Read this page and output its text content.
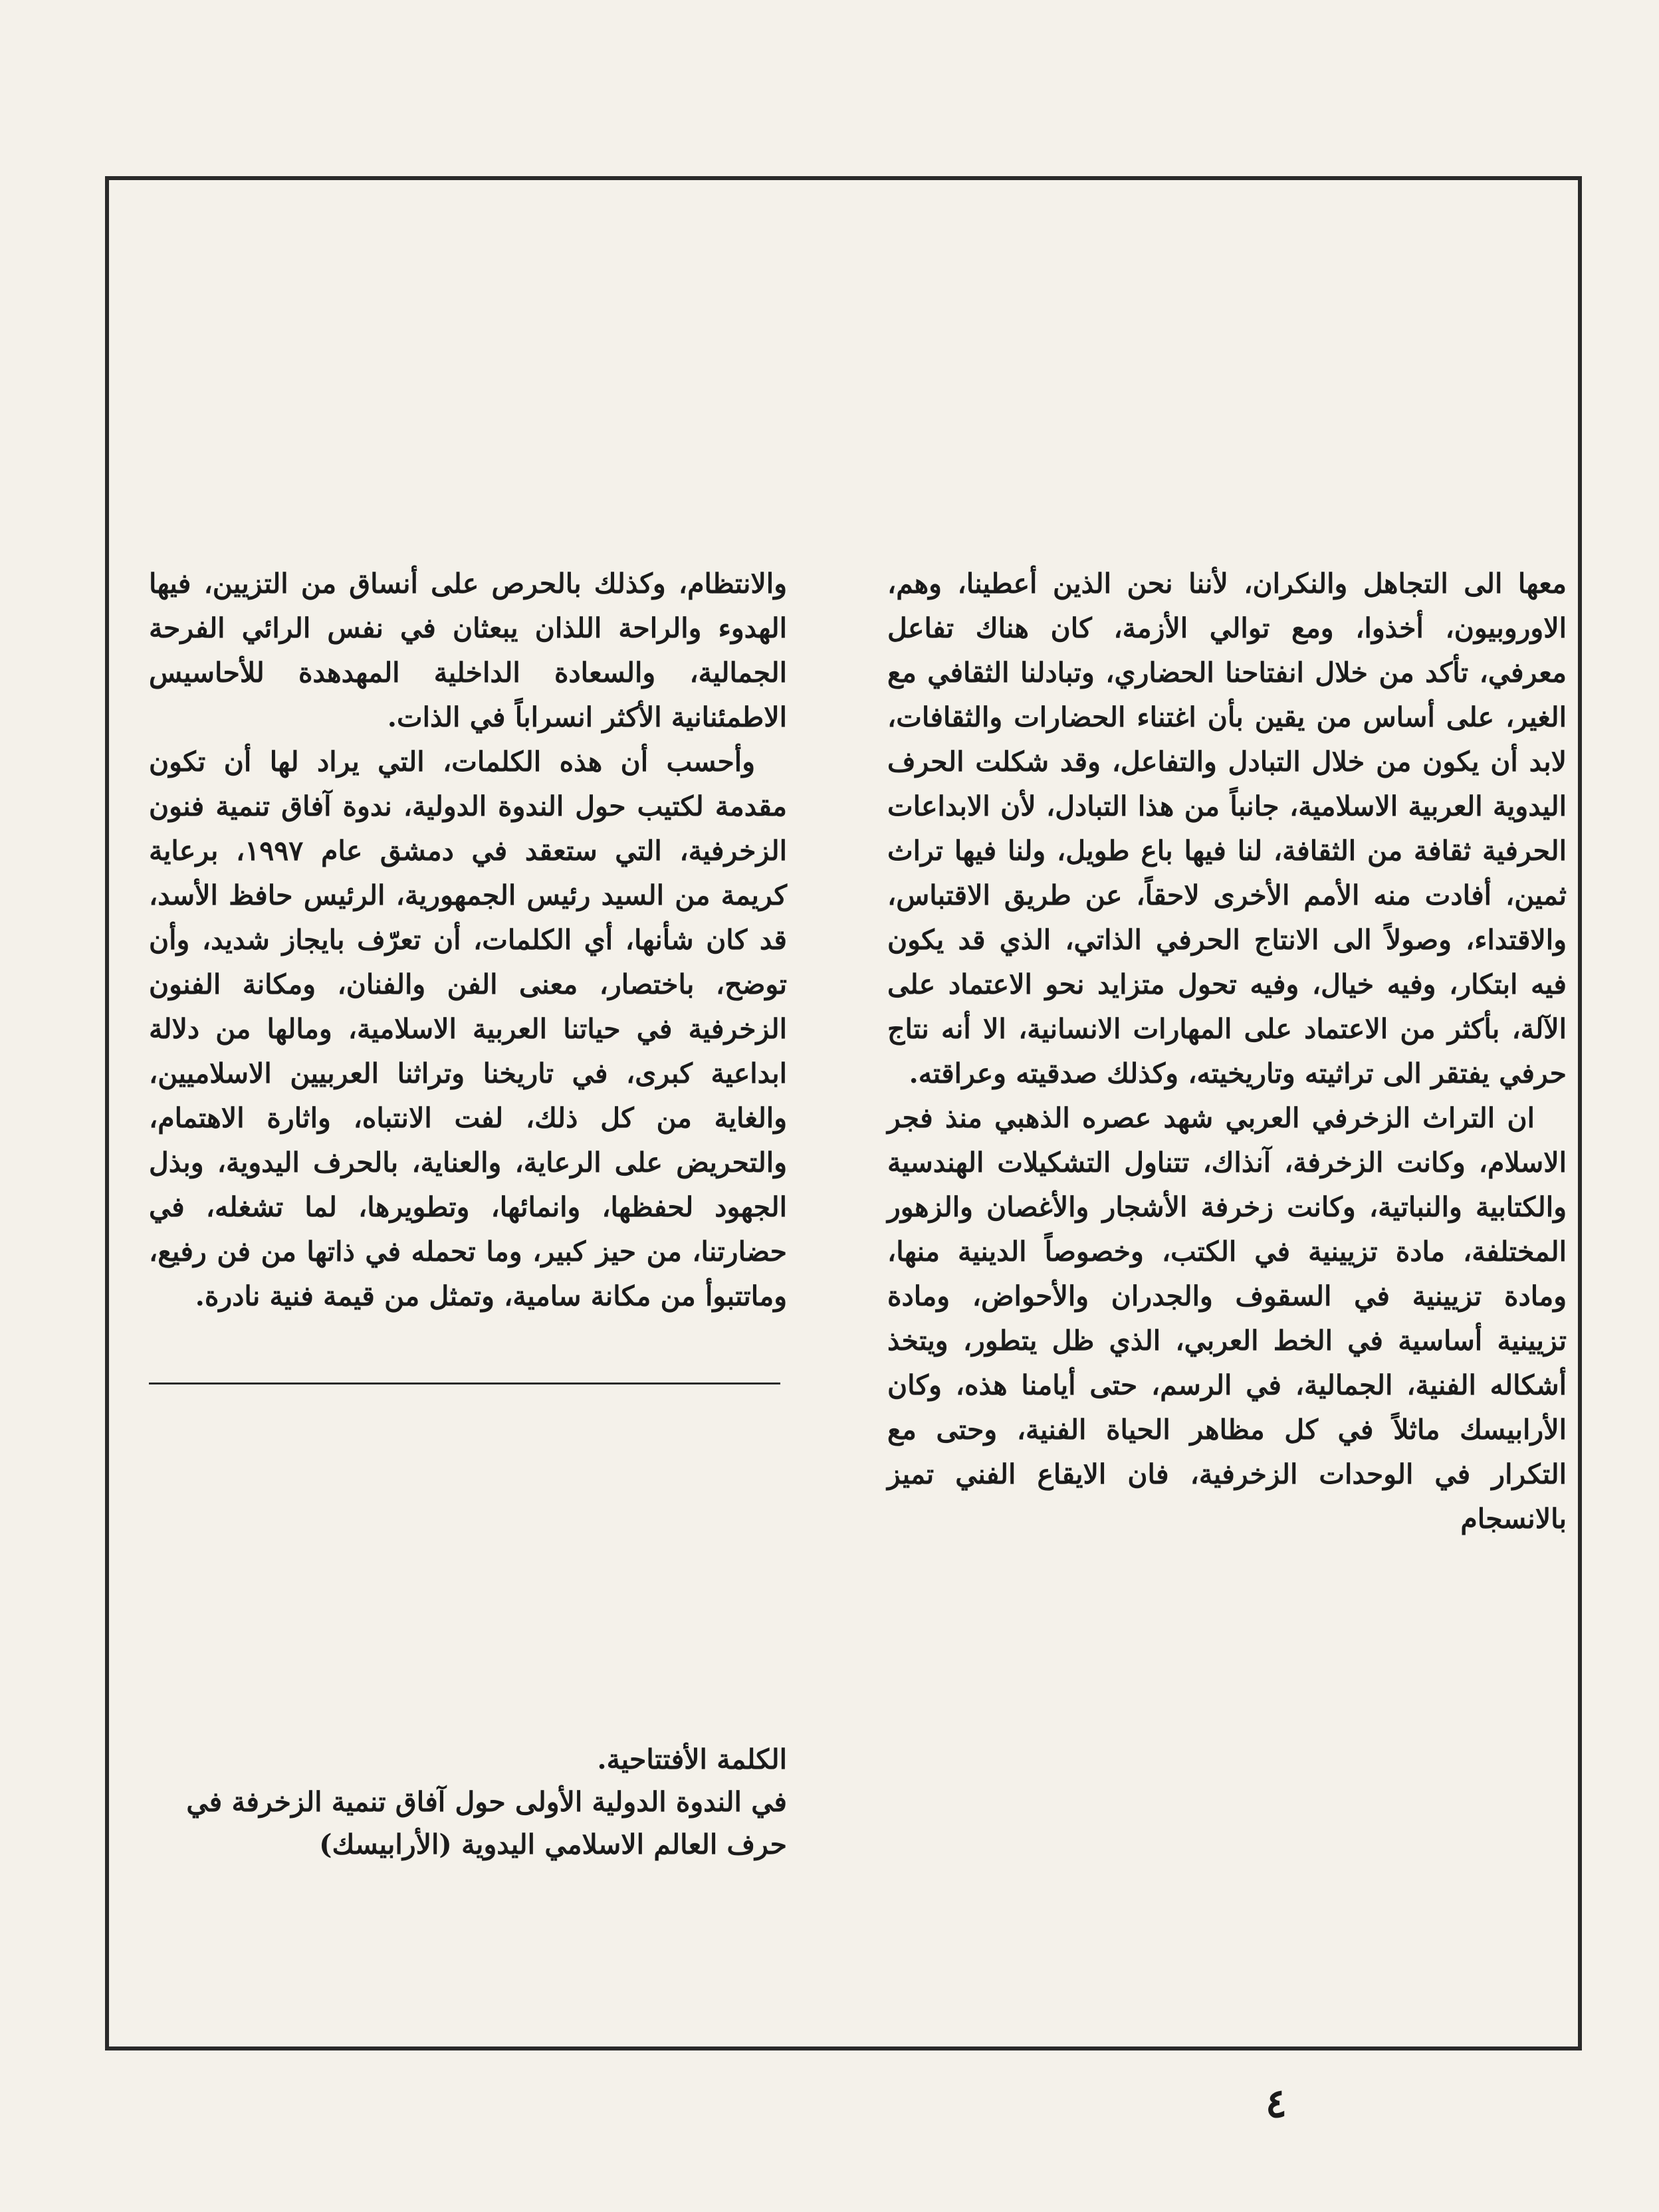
معها الى التجاهل والنكران، لأننا نحن الذين أعطينا، وهم، الاوروبيون، أخذوا، ومع توالي الأزمة، كان هناك تفاعل معرفي، تأكد من خلال انفتاحنا الحضاري، وتبادلنا الثقافي مع الغير، على أساس من يقين بأن اغتناء الحضارات والثقافات، لابد أن يكون من خلال التبادل والتفاعل، وقد شكلت الحرف اليدوية العربية الاسلامية، جانباً من هذا التبادل، لأن الابداعات الحرفية ثقافة من الثقافة، لنا فيها باع طويل، ولنا فيها تراث ثمين، أفادت منه الأمم الأخرى لاحقاً، عن طريق الاقتباس، والاقتداء، وصولاً الى الانتاج الحرفي الذاتي، الذي قد يكون فيه ابتكار، وفيه خيال، وفيه تحول متزايد نحو الاعتماد على الآلة، بأكثر من الاعتماد على المهارات الانسانية، الا أنه نتاج حرفي يفتقر الى تراثيته وتاريخيته، وكذلك صدقيته وعراقته.

ان التراث الزخرفي العربي شهد عصره الذهبي منذ فجر الاسلام، وكانت الزخرفة، آنذاك، تتناول التشكيلات الهندسية والكتابية والنباتية، وكانت زخرفة الأشجار والأغصان والزهور المختلفة، مادة تزيينية في الكتب، وخصوصاً الدينية منها، ومادة تزيينية في السقوف والجدران والأحواض، ومادة تزيينية أساسية في الخط العربي، الذي ظل يتطور، ويتخذ أشكاله الفنية، الجمالية، في الرسم، حتى أيامنا هذه، وكان الأرابيسك ماثلاً في كل مظاهر الحياة الفنية، وحتى مع التكرار في الوحدات الزخرفية، فان الايقاع الفني تميز بالانسجام

والانتظام، وكذلك بالحرص على أنساق من التزيين، فيها الهدوء والراحة اللذان يبعثان في نفس الرائي الفرحة الجمالية، والسعادة الداخلية المهدهدة للأحاسيس الاطمئنانية الأكثر انسراباً في الذات.

وأحسب أن هذه الكلمات، التي يراد لها أن تكون مقدمة لكتيب حول الندوة الدولية، ندوة آفاق تنمية فنون الزخرفية، التي ستعقد في دمشق عام ١٩٩٧، برعاية كريمة من السيد رئيس الجمهورية، الرئيس حافظ الأسد، قد كان شأنها، أي الكلمات، أن تعرّف بايجاز شديد، وأن توضح، باختصار، معنى الفن والفنان، ومكانة الفنون الزخرفية في حياتنا العربية الاسلامية، ومالها من دلالة ابداعية كبرى، في تاريخنا وتراثنا العربيين الاسلاميين، والغاية من كل ذلك، لفت الانتباه، واثارة الاهتمام، والتحريض على الرعاية، والعناية، بالحرف اليدوية، وبذل الجهود لحفظها، وانمائها، وتطويرها، لما تشغله، في حضارتنا، من حيز كبير، وما تحمله في ذاتها من فن رفيع، وماتتبوأ من مكانة سامية، وتمثل من قيمة فنية نادرة.

الكلمة الأفتتاحية.

في الندوة الدولية الأولى حول آفاق تنمية الزخرفة في

حرف العالم الاسلامي اليدوية (الأرابيسك)

٤
